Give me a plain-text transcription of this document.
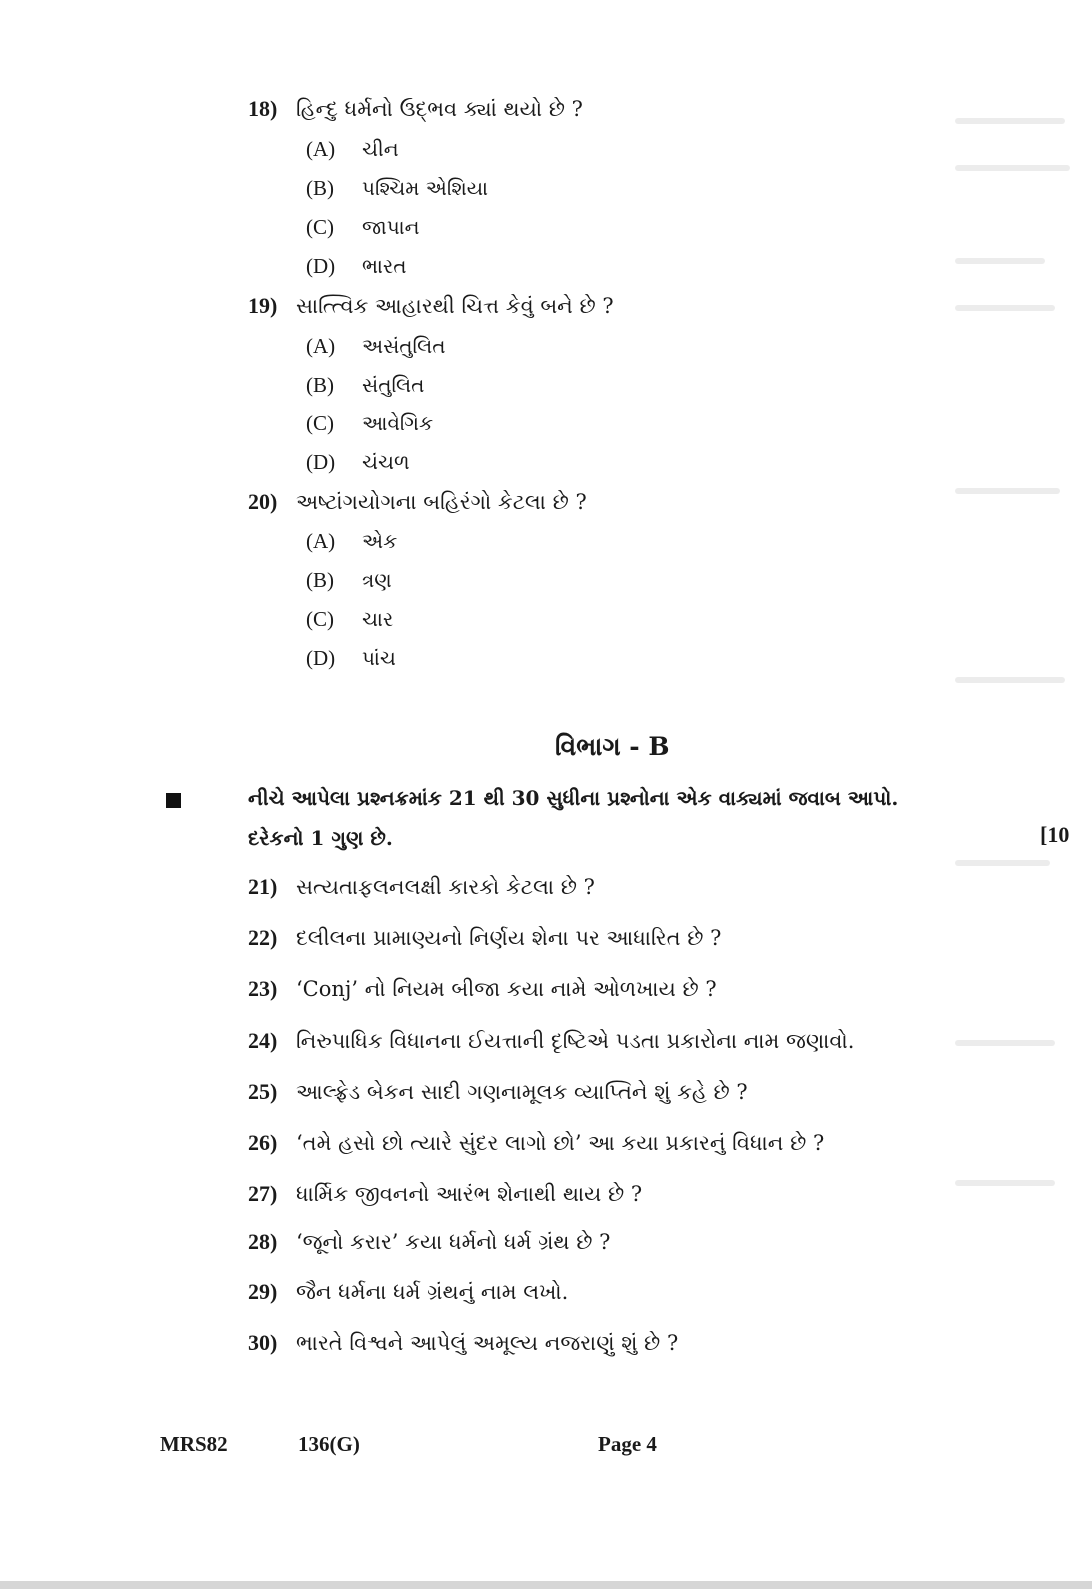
18) હિન્દુ ધર્મનો ઉદ્‌ભવ ક્યાં થયો છે ?
(A) ચીન
(B) પશ્ચિમ એશિયા
(C) જાપાન
(D) ભારત
19) સાત્ત્વિક આહારથી ચિત્ત કેવું બને છે ?
(A) અસંતુલિત
(B) સંતુલિત
(C) આવેગિક
(D) ચંચળ
20) અષ્ટાંગયોગના બહિરંગો કેટલા છે ?
(A) એક
(B) ત્રણ
(C) ચાર
(D) પાંચ
વિભાગ - B
નીચે આપેલા પ્રશ્નક્રમાંક 21 થી 30 સુધીના પ્રશ્નોના એક વાક્યમાં જવાબ આપો.
દરેકનો 1 ગુણ છે.	[10
21) સત્યતાફલનલક્ષી કારકો કેટલા છે ?
22) દલીલના પ્રામાણ્યનો નિર્ણય શેના પર આધારિત છે ?
23) ‘Conj’ નો નિયમ બીજા કયા નામે ઓળખાય છે ?
24) નિરુપાધિક વિધાનના ઈયત્તાની દૃષ્ટિએ પડતા પ્રકારોના નામ જણાવો.
25) આલ્ફ્રેડ બેકન સાદી ગણનામૂલક વ્યાપ્તિને શું કહે છે ?
26) ‘તમે હસો છો ત્યારે સુંદર લાગો છો’ આ કયા પ્રકારનું વિધાન છે ?
27) ધાર્મિક જીવનનો આરંભ શેનાથી થાય છે ?
28) ‘જૂનો કરાર’ કયા ધર્મનો ધર્મ ગ્રંથ છે ?
29) જૈન ધર્મના ધર્મ ગ્રંથનું નામ લખો.
30) ભારતે વિશ્વને આપેલું અમૂલ્ય નજરાણું શું છે ?
MRS82	136(G)	Page 4
